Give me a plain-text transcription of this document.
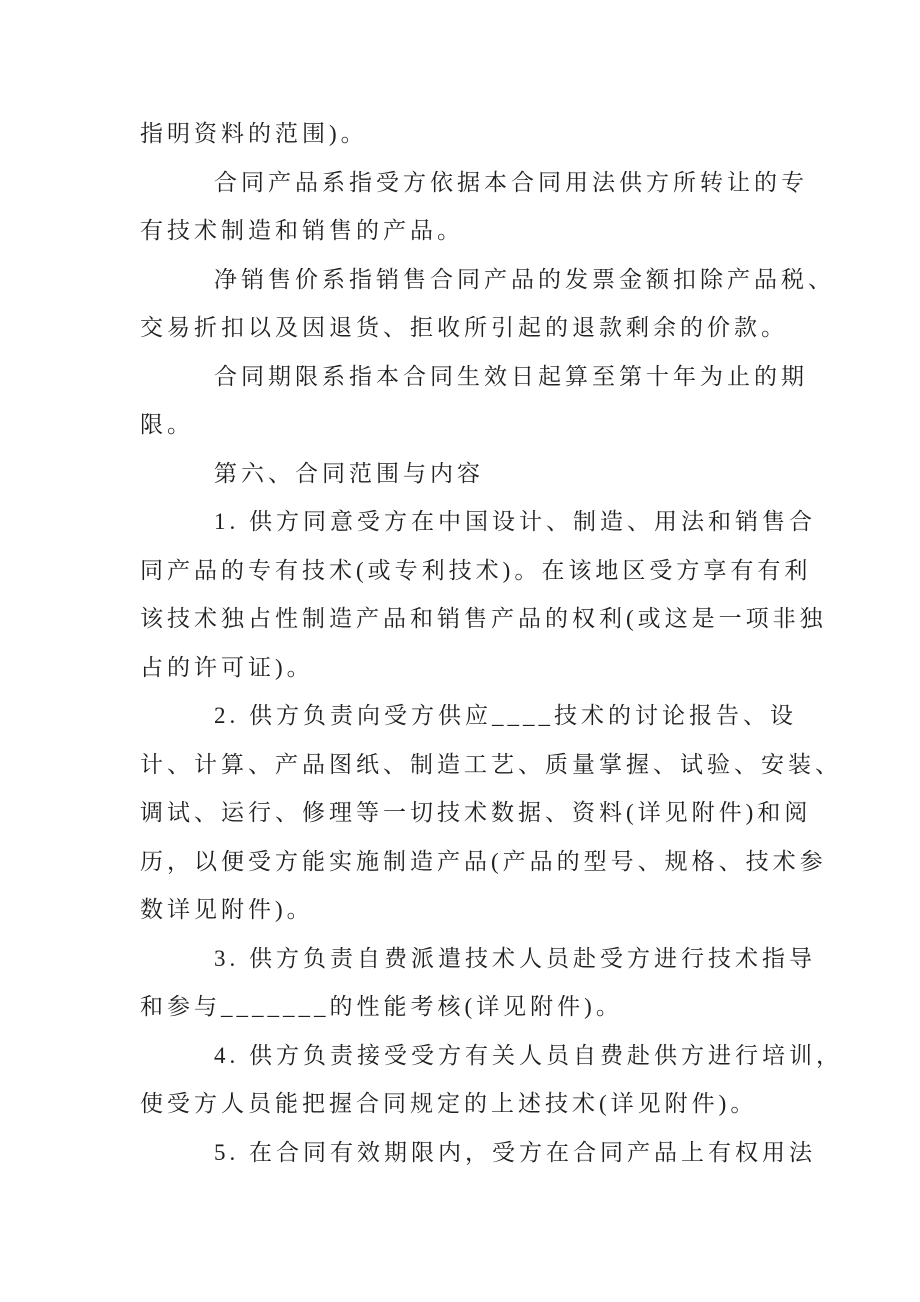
指明资料的范围)。
合同产品系指受方依据本合同用法供方所转让的专
有技术制造和销售的产品。
净销售价系指销售合同产品的发票金额扣除产品税、
交易折扣以及因退货、拒收所引起的退款剩余的价款。
合同期限系指本合同生效日起算至第十年为止的期
限。
第六、合同范围与内容
1. 供方同意受方在中国设计、制造、用法和销售合
同产品的专有技术(或专利技术)。在该地区受方享有有利
该技术独占性制造产品和销售产品的权利(或这是一项非独
占的许可证)。
2. 供方负责向受方供应____技术的讨论报告、设
计、计算、产品图纸、制造工艺、质量掌握、试验、安装、
调试、运行、修理等一切技术数据、资料(详见附件)和阅
历，以便受方能实施制造产品(产品的型号、规格、技术参
数详见附件)。
3. 供方负责自费派遣技术人员赴受方进行技术指导
和参与_______的性能考核(详见附件)。
4. 供方负责接受受方有关人员自费赴供方进行培训，
使受方人员能把握合同规定的上述技术(详见附件)。
5. 在合同有效期限内，受方在合同产品上有权用法
